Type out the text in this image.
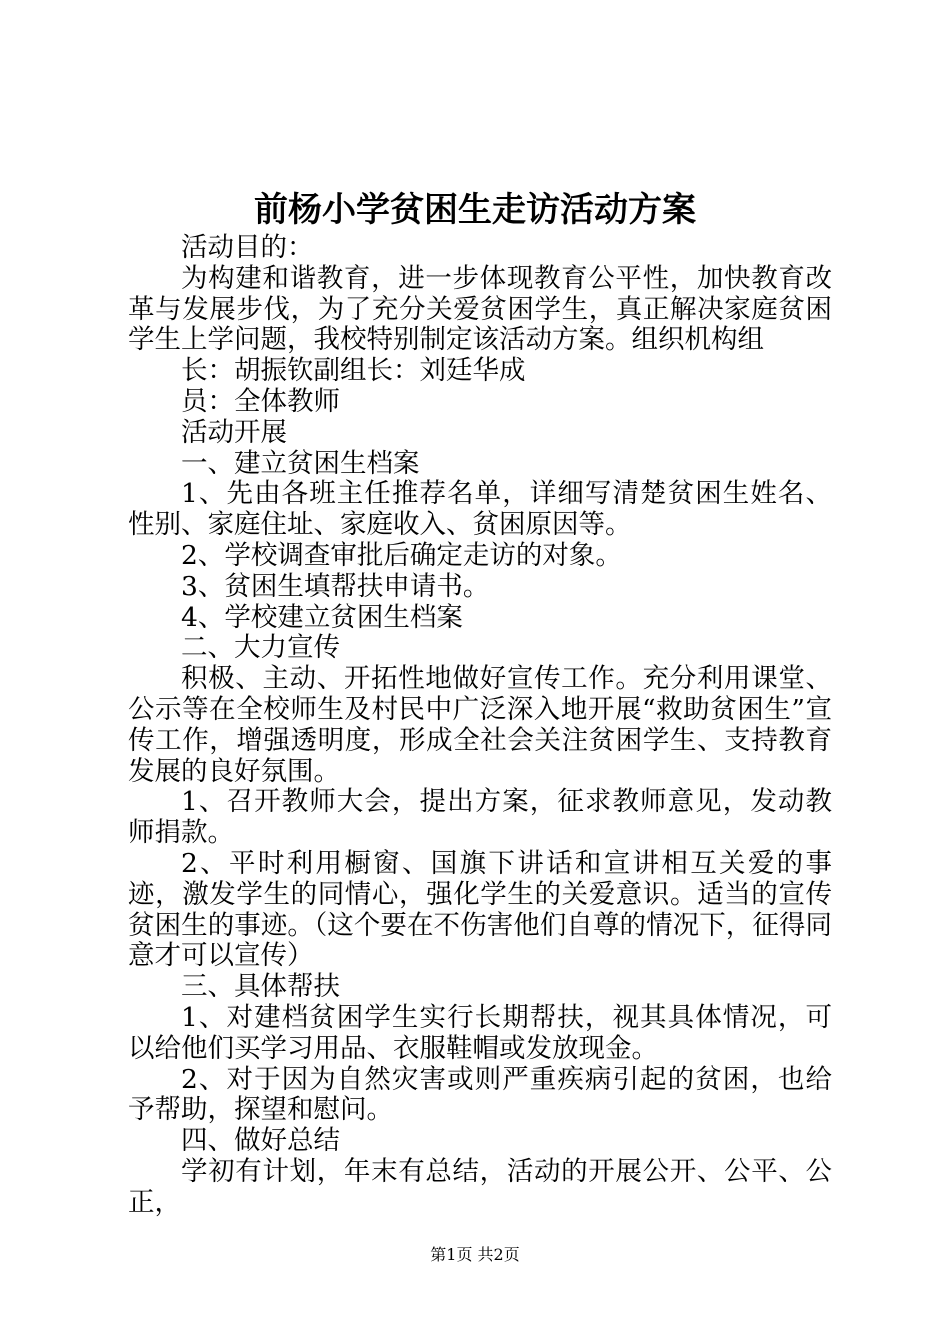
前杨小学贫困生走访活动方案

活动目的：

为构建和谐教育，进一步体现教育公平性，加快教育改革与发展步伐，为了充分关爱贫困学生，真正解决家庭贫困学生上学问题，我校特别制定该活动方案。组织机构组

长：胡振钦副组长：刘廷华成

员：全体教师

活动开展

一、建立贫困生档案

1、先由各班主任推荐名单，详细写清楚贫困生姓名、性别、家庭住址、家庭收入、贫困原因等。

2、学校调查审批后确定走访的对象。

3、贫困生填帮扶申请书。

4、学校建立贫困生档案

二、大力宣传

积极、主动、开拓性地做好宣传工作。充分利用课堂、公示等在全校师生及村民中广泛深入地开展“救助贫困生”宣传工作，增强透明度，形成全社会关注贫困学生、支持教育发展的良好氛围。

1、召开教师大会，提出方案，征求教师意见，发动教师捐款。

2、平时利用橱窗、国旗下讲话和宣讲相互关爱的事迹，激发学生的同情心，强化学生的关爱意识。适当的宣传贫困生的事迹。（这个要在不伤害他们自尊的情况下，征得同意才可以宣传）

三、具体帮扶

1、对建档贫困学生实行长期帮扶，视其具体情况，可以给他们买学习用品、衣服鞋帽或发放现金。

2、对于因为自然灾害或则严重疾病引起的贫困，也给予帮助，探望和慰问。

四、做好总结

学初有计划，年末有总结，活动的开展公开、公平、公正，

第1页 共2页
